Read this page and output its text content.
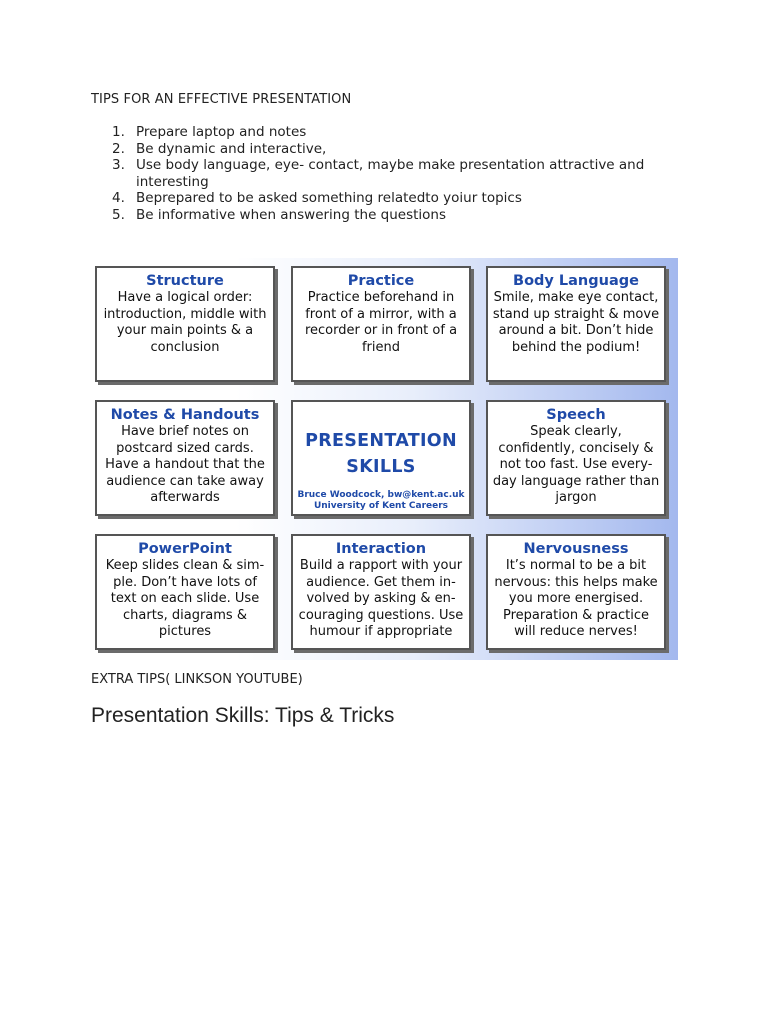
TIPS FOR AN EFFECTIVE PRESENTATION
1. Prepare laptop and notes
2. Be dynamic and interactive,
3. Use body language, eye- contact, maybe make presentation attractive and interesting
4. Beprepared to be asked something relatedto yoiur topics
5. Be informative when answering the questions
Structure
Have a logical order: introduction, middle with your main points & a conclusion
Practice
Practice beforehand in front of a mirror, with a recorder or in front of a friend
Body Language
Smile, make eye contact, stand up straight & move around a bit. Don’t hide behind the podium!
Notes & Handouts
Have brief notes on postcard sized cards. Have a handout that the audience can take away afterwards
PRESENTATION
SKILLS
Bruce Woodcock, bw@kent.ac.uk
University of Kent Careers
Speech
Speak clearly, confidently, concisely & not too fast. Use every-day language rather than jargon
PowerPoint
Keep slides clean & sim-ple. Don’t have lots of text on each slide. Use charts, diagrams & pictures
Interaction
Build a rapport with your audience. Get them in-volved by asking & en-couraging questions. Use humour if appropriate
Nervousness
It’s normal to be a bit nervous: this helps make you more energised. Preparation & practice will reduce nerves!
EXTRA TIPS( LINKSON YOUTUBE)
Presentation Skills: Tips & Tricks
